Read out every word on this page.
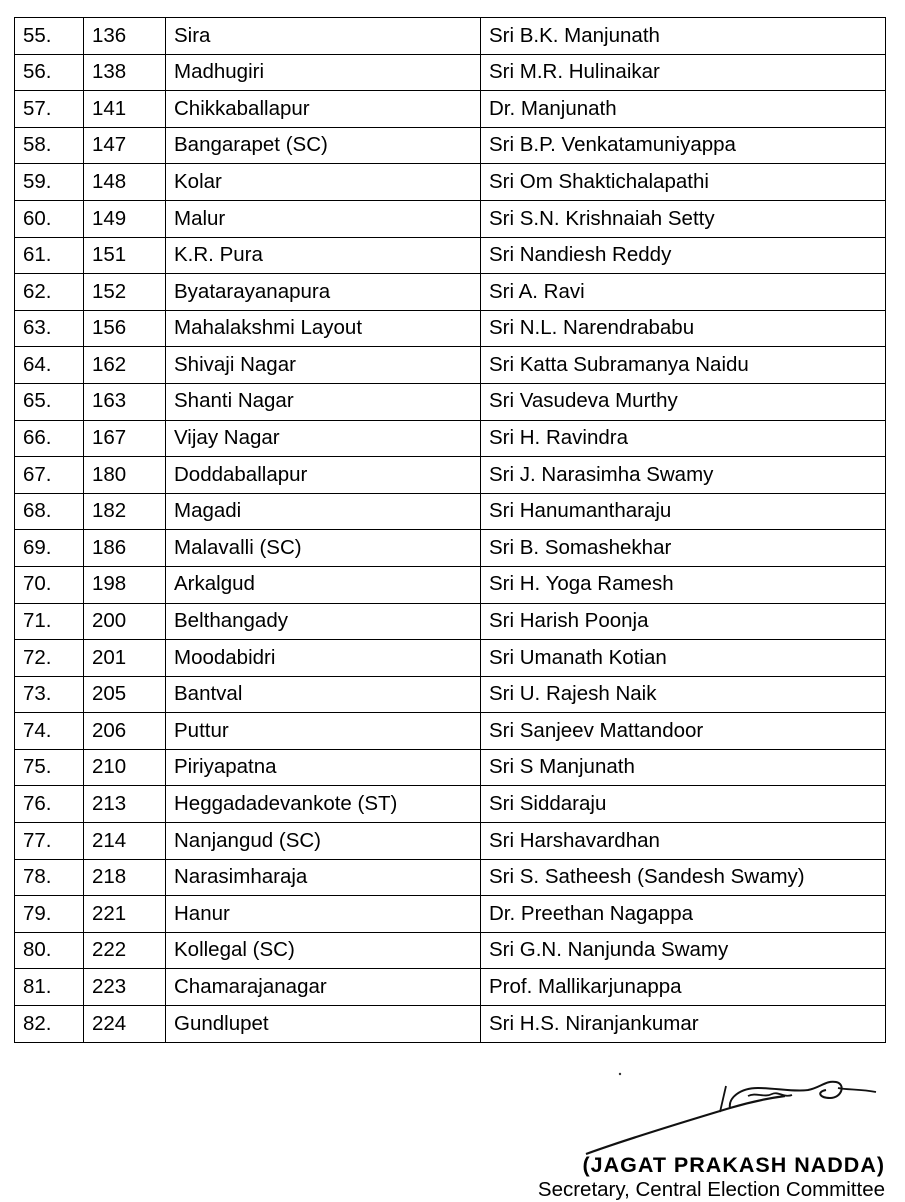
55.	136	Sira	Sri B.K. Manjunath
56.	138	Madhugiri	Sri M.R. Hulinaikar
57.	141	Chikkaballapur	Dr. Manjunath
58.	147	Bangarapet (SC)	Sri B.P. Venkatamuniyappa
59.	148	Kolar	Sri Om Shaktichalapathi
60.	149	Malur	Sri S.N. Krishnaiah Setty
61.	151	K.R. Pura	Sri Nandiesh Reddy
62.	152	Byatarayanapura	Sri A. Ravi
63.	156	Mahalakshmi Layout	Sri N.L. Narendrababu
64.	162	Shivaji Nagar	Sri Katta Subramanya Naidu
65.	163	Shanti Nagar	Sri Vasudeva Murthy
66.	167	Vijay Nagar	Sri H. Ravindra
67.	180	Doddaballapur	Sri J. Narasimha Swamy
68.	182	Magadi	Sri Hanumantharaju
69.	186	Malavalli (SC)	Sri B. Somashekhar
70.	198	Arkalgud	Sri H. Yoga Ramesh
71.	200	Belthangady	Sri Harish Poonja
72.	201	Moodabidri	Sri Umanath Kotian
73.	205	Bantval	Sri U. Rajesh Naik
74.	206	Puttur	Sri Sanjeev Mattandoor
75.	210	Piriyapatna	Sri S Manjunath
76.	213	Heggadadevankote (ST)	Sri Siddaraju
77.	214	Nanjangud (SC)	Sri Harshavardhan
78.	218	Narasimharaja	Sri S. Satheesh (Sandesh Swamy)
79.	221	Hanur	Dr. Preethan Nagappa
80.	222	Kollegal (SC)	Sri G.N. Nanjunda Swamy
81.	223	Chamarajanagar	Prof. Mallikarjunappa
82.	224	Gundlupet	Sri H.S. Niranjankumar
(JAGAT PRAKASH NADDA)
Secretary, Central Election Committee
